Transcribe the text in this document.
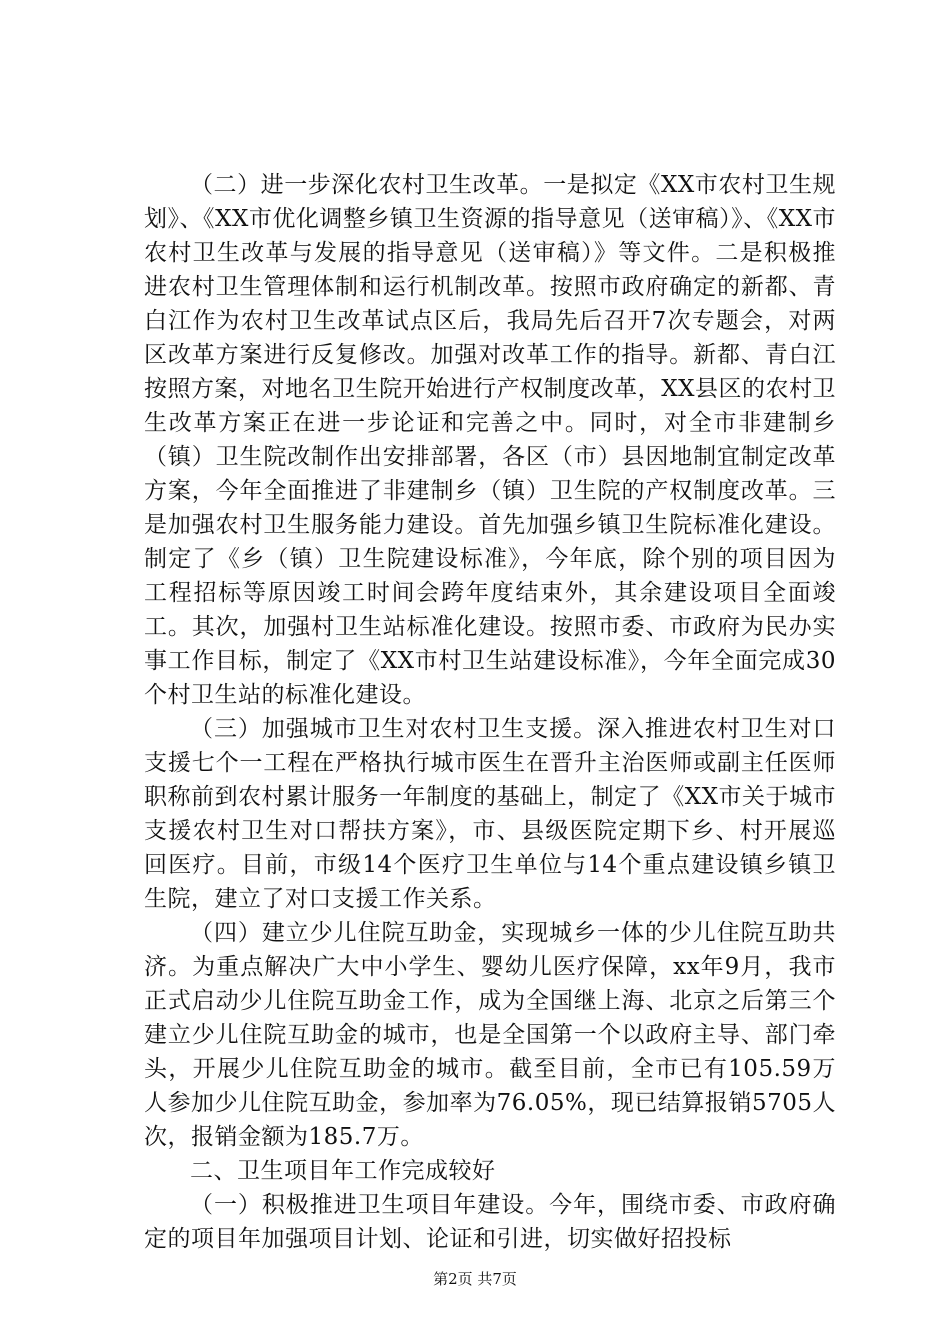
（二）进一步深化农村卫生改革。一是拟定《XX市农村卫生规划》、《XX市优化调整乡镇卫生资源的指导意见（送审稿）》、《XX市农村卫生改革与发展的指导意见（送审稿）》等文件。二是积极推进农村卫生管理体制和运行机制改革。按照市政府确定的新都、青白江作为农村卫生改革试点区后，我局先后召开7次专题会，对两区改革方案进行反复修改。加强对改革工作的指导。新都、青白江按照方案，对地名卫生院开始进行产权制度改革，XX县区的农村卫生改革方案正在进一步论证和完善之中。同时，对全市非建制乡（镇）卫生院改制作出安排部署，各区（市）县因地制宜制定改革方案，今年全面推进了非建制乡（镇）卫生院的产权制度改革。三是加强农村卫生服务能力建设。首先加强乡镇卫生院标准化建设。制定了《乡（镇）卫生院建设标准》，今年底，除个别的项目因为工程招标等原因竣工时间会跨年度结束外，其余建设项目全面竣工。其次，加强村卫生站标准化建设。按照市委、市政府为民办实事工作目标，制定了《XX市村卫生站建设标准》，今年全面完成30个村卫生站的标准化建设。

（三）加强城市卫生对农村卫生支援。深入推进农村卫生对口支援七个一工程在严格执行城市医生在晋升主治医师或副主任医师职称前到农村累计服务一年制度的基础上，制定了《XX市关于城市支援农村卫生对口帮扶方案》，市、县级医院定期下乡、村开展巡回医疗。目前，市级14个医疗卫生单位与14个重点建设镇乡镇卫生院，建立了对口支援工作关系。

（四）建立少儿住院互助金，实现城乡一体的少儿住院互助共济。为重点解决广大中小学生、婴幼儿医疗保障，xx年9月，我市正式启动少儿住院互助金工作，成为全国继上海、北京之后第三个建立少儿住院互助金的城市，也是全国第一个以政府主导、部门牵头，开展少儿住院互助金的城市。截至目前，全市已有105.59万人参加少儿住院互助金，参加率为76.05%，现已结算报销5705人次，报销金额为185.7万。

二、卫生项目年工作完成较好

（一）积极推进卫生项目年建设。今年，围绕市委、市政府确定的项目年加强项目计划、论证和引进，切实做好招投标

第2页 共7页
